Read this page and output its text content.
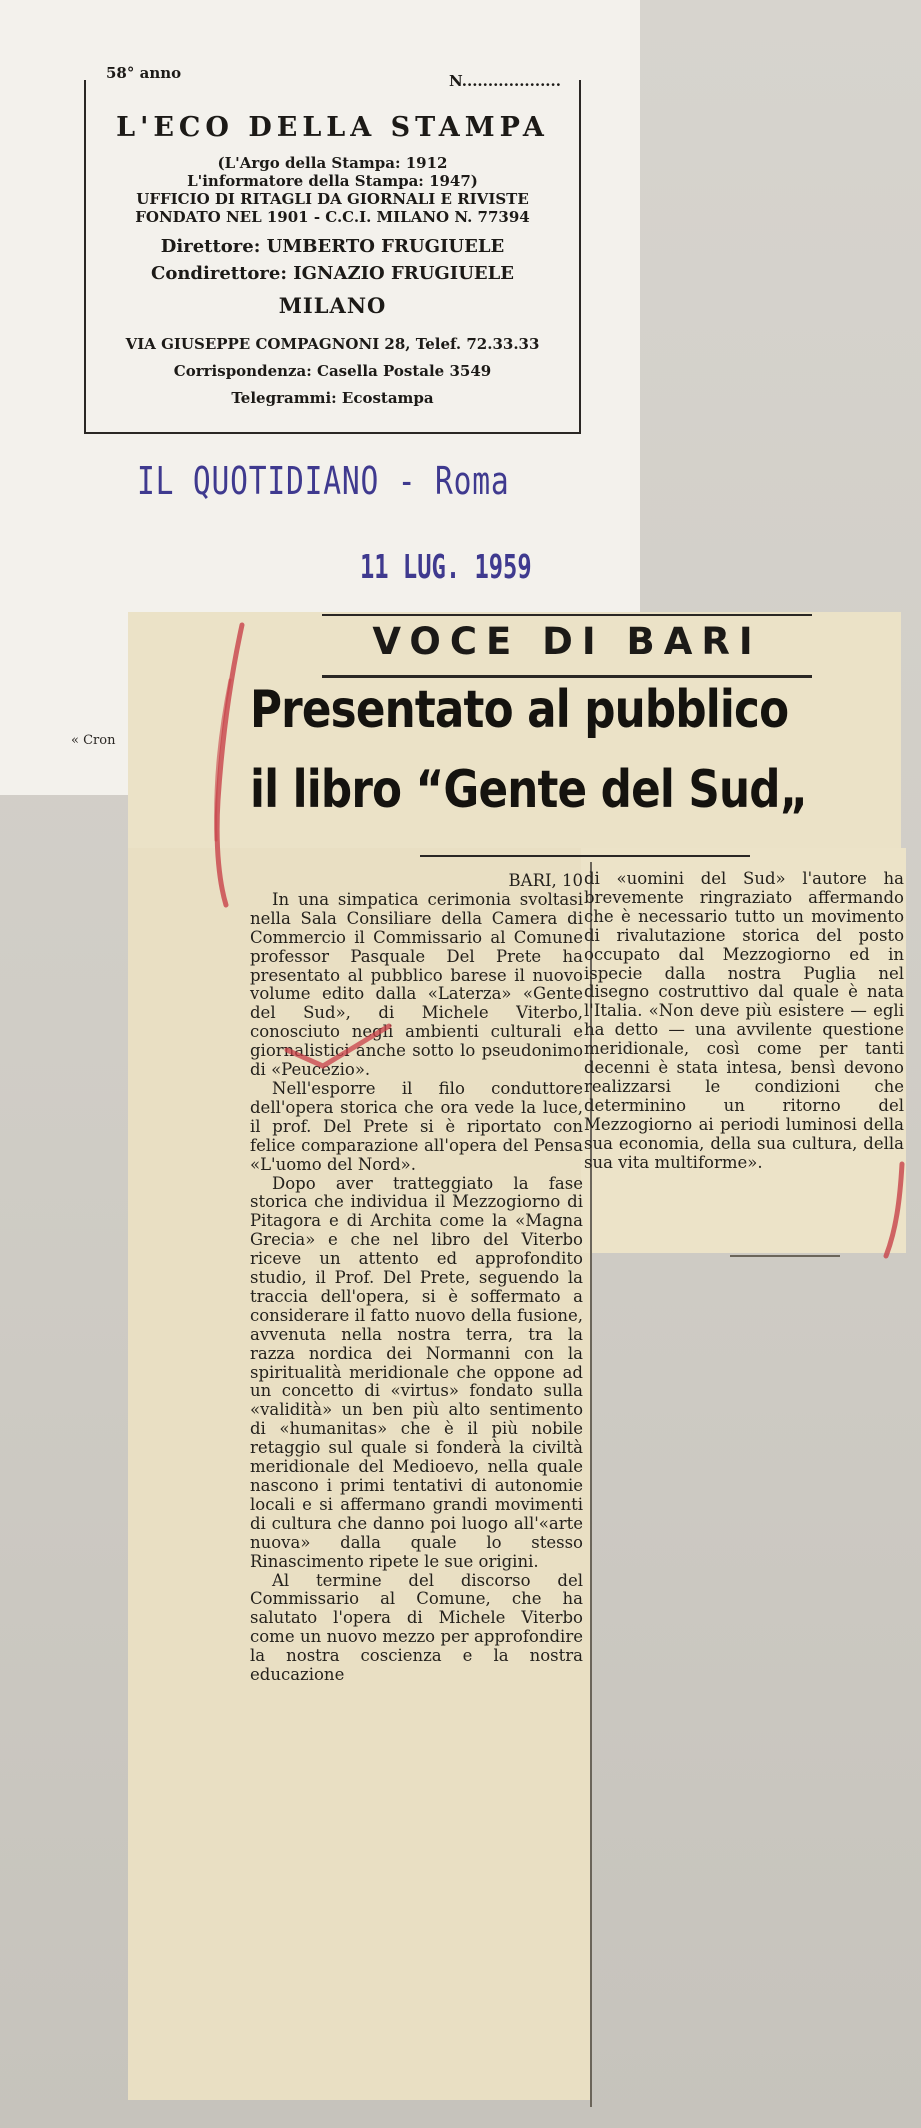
58° anno	N...................
L'ECO DELLA STAMPA
(L'Argo della Stampa: 1912
L'informatore della Stampa: 1947)
UFFICIO DI RITAGLI DA GIORNALI E RIVISTE
FONDATO NEL 1901 - C.C.I. MILANO N. 77394
Direttore: UMBERTO FRUGIUELE
Condirettore: IGNAZIO FRUGIUELE
MILANO
VIA GIUSEPPE COMPAGNONI 28, Telef. 72.33.33
Corrispondenza: Casella Postale 3549
Telegrammi: Ecostampa
IL QUOTIDIANO - Roma
11 LUG. 1959
« Cron
VOCE DI BARI
Presentato al pubblico
il libro “Gente del Sud„

BARI, 10

In una simpatica cerimonia svoltasi nella Sala Consiliare della Camera di Commercio il Commissario al Comune professor Pasquale Del Prete ha presentato al pubblico barese il nuovo volume edito dalla «Laterza» «Gente del Sud», di Michele Viterbo, conosciuto negli ambienti culturali e giornalistici anche sotto lo pseudonimo di «Peucezio».

Nell'esporre il filo conduttore dell'opera storica che ora vede la luce, il prof. Del Prete si è riportato con felice comparazione all'opera del Pensa «L'uomo del Nord».

Dopo aver tratteggiato la fase storica che individua il Mezzogiorno di Pitagora e di Archita come la «Magna Grecia» e che nel libro del Viterbo riceve un attento ed approfondito studio, il Prof. Del Prete, seguendo la traccia dell'opera, si è soffermato a considerare il fatto nuovo della fusione, avvenuta nella nostra terra, tra la razza nordica dei Normanni con la spiritualità meridionale che oppone ad un concetto di «virtus» fondato sulla «validità» un ben più alto sentimento di «humanitas» che è il più nobile retaggio sul quale si fonderà la civiltà meridionale del Medioevo, nella quale nascono i primi tentativi di autonomie locali e si affermano grandi movimenti di cultura che danno poi luogo all'«arte nuova» dalla quale lo stesso Rinascimento ripete le sue origini.

Al termine del discorso del Commissario al Comune, che ha salutato l'opera di Michele Viterbo come un nuovo mezzo per approfondire la nostra coscienza e la nostra educazione

di «uomini del Sud» l'autore ha brevemente ringraziato affermando che è necessario tutto un movimento di rivalutazione storica del posto occupato dal Mezzogiorno ed in ispecie dalla nostra Puglia nel disegno costruttivo dal quale è nata l'Italia. «Non deve più esistere — egli ha detto — una avvilente questione meridionale, così come per tanti decenni è stata intesa, bensì devono realizzarsi le condizioni che determinino un ritorno del Mezzogiorno ai periodi luminosi della sua economia, della sua cultura, della sua vita multiforme».
